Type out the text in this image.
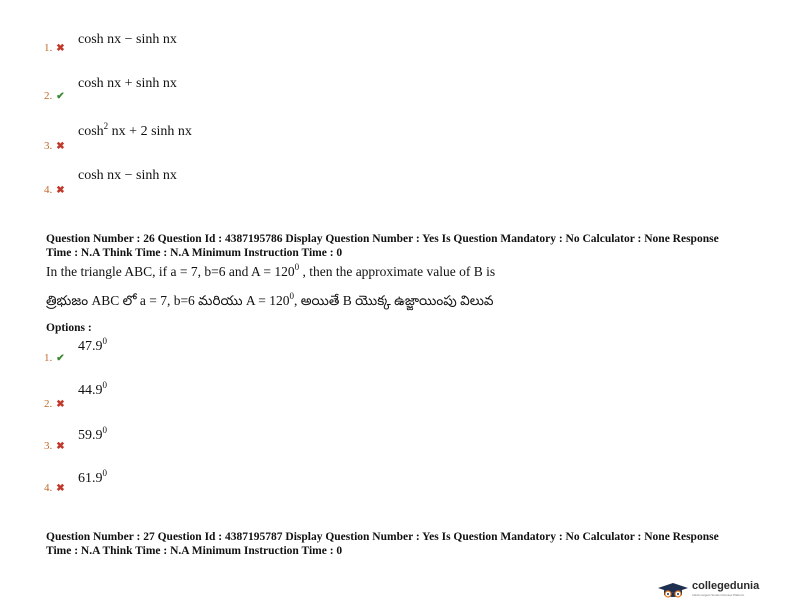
1. ✖
cosh nx − sinh nx
2. ✔
cosh nx + sinh nx
3. ✖
$\cosh^2$ nx + 2 sinh nx
4. ✖
cosh nx − sinh nx
Question Number : 26 Question Id : 4387195786 Display Question Number : Yes Is Question Mandatory : No Calculator : None Response
Time : N.A Think Time : N.A Minimum Instruction Time : 0
In the triangle ABC, if a = 7, b=6 and $A = 120^0$ , then the approximate value of B is
త్రిభుజం ABC లో a = 7, b=6 మరియు $A = 120^0$, అయితే B యొక్క ఉజ్జాయింపు విలువ
Options :
1. ✔
47.9$^0$
2. ✖
44.9$^0$
3. ✖
59.9$^0$
4. ✖
61.9$^0$
Question Number : 27 Question Id : 4387195787 Display Question Number : Yes Is Question Mandatory : No Calculator : None Response
Time : N.A Think Time : N.A Minimum Instruction Time : 0
collegedunia
India's largest Student Review Platform
